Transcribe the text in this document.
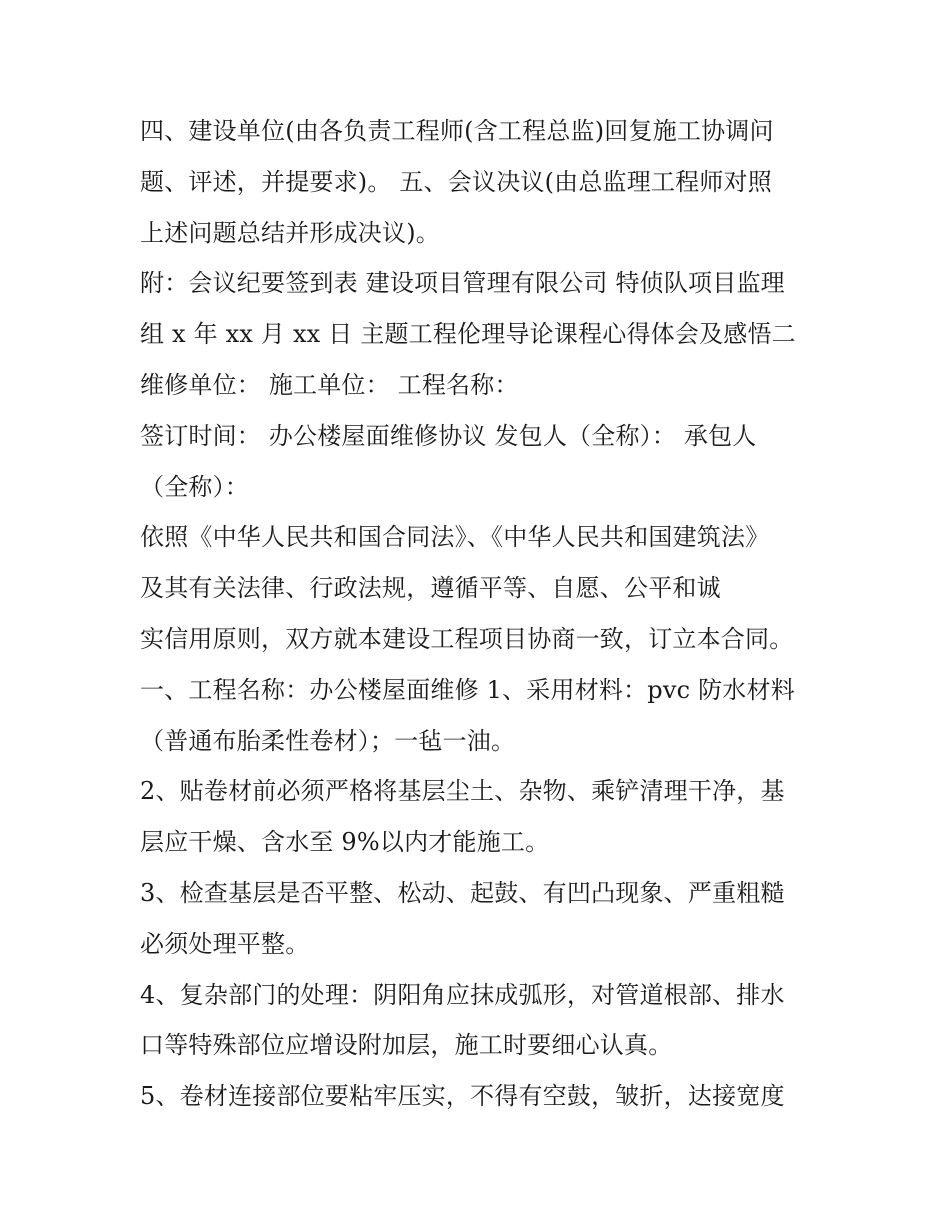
四、建设单位(由各负责工程师(含工程总监)回复施工协调问
题、评述，并提要求)。 五、会议决议(由总监理工程师对照
上述问题总结并形成决议)。
附：会议纪要签到表 建设项目管理有限公司 特侦队项目监理
组 x 年 xx 月 xx 日 主题工程伦理导论课程心得体会及感悟二
维修单位： 施工单位： 工程名称：
签订时间： 办公楼屋面维修协议 发包人（全称）： 承包人
（全称）：
依照《中华人民共和国合同法》、《中华人民共和国建筑法》
及其有关法律、行政法规，遵循平等、自愿、公平和诚
实信用原则，双方就本建设工程项目协商一致，订立本合同。
一、工程名称：办公楼屋面维修 1、采用材料：pvc 防水材料
（普通布胎柔性卷材）；一毡一油。
2、贴卷材前必须严格将基层尘土、杂物、乘铲清理干净，基
层应干燥、含水至 9%以内才能施工。
3、检查基层是否平整、松动、起鼓、有凹凸现象、严重粗糙
必须处理平整。
4、复杂部门的处理：阴阳角应抹成弧形，对管道根部、排水
口等特殊部位应增设附加层，施工时要细心认真。
5、卷材连接部位要粘牢压实，不得有空鼓，皱折，达接宽度
